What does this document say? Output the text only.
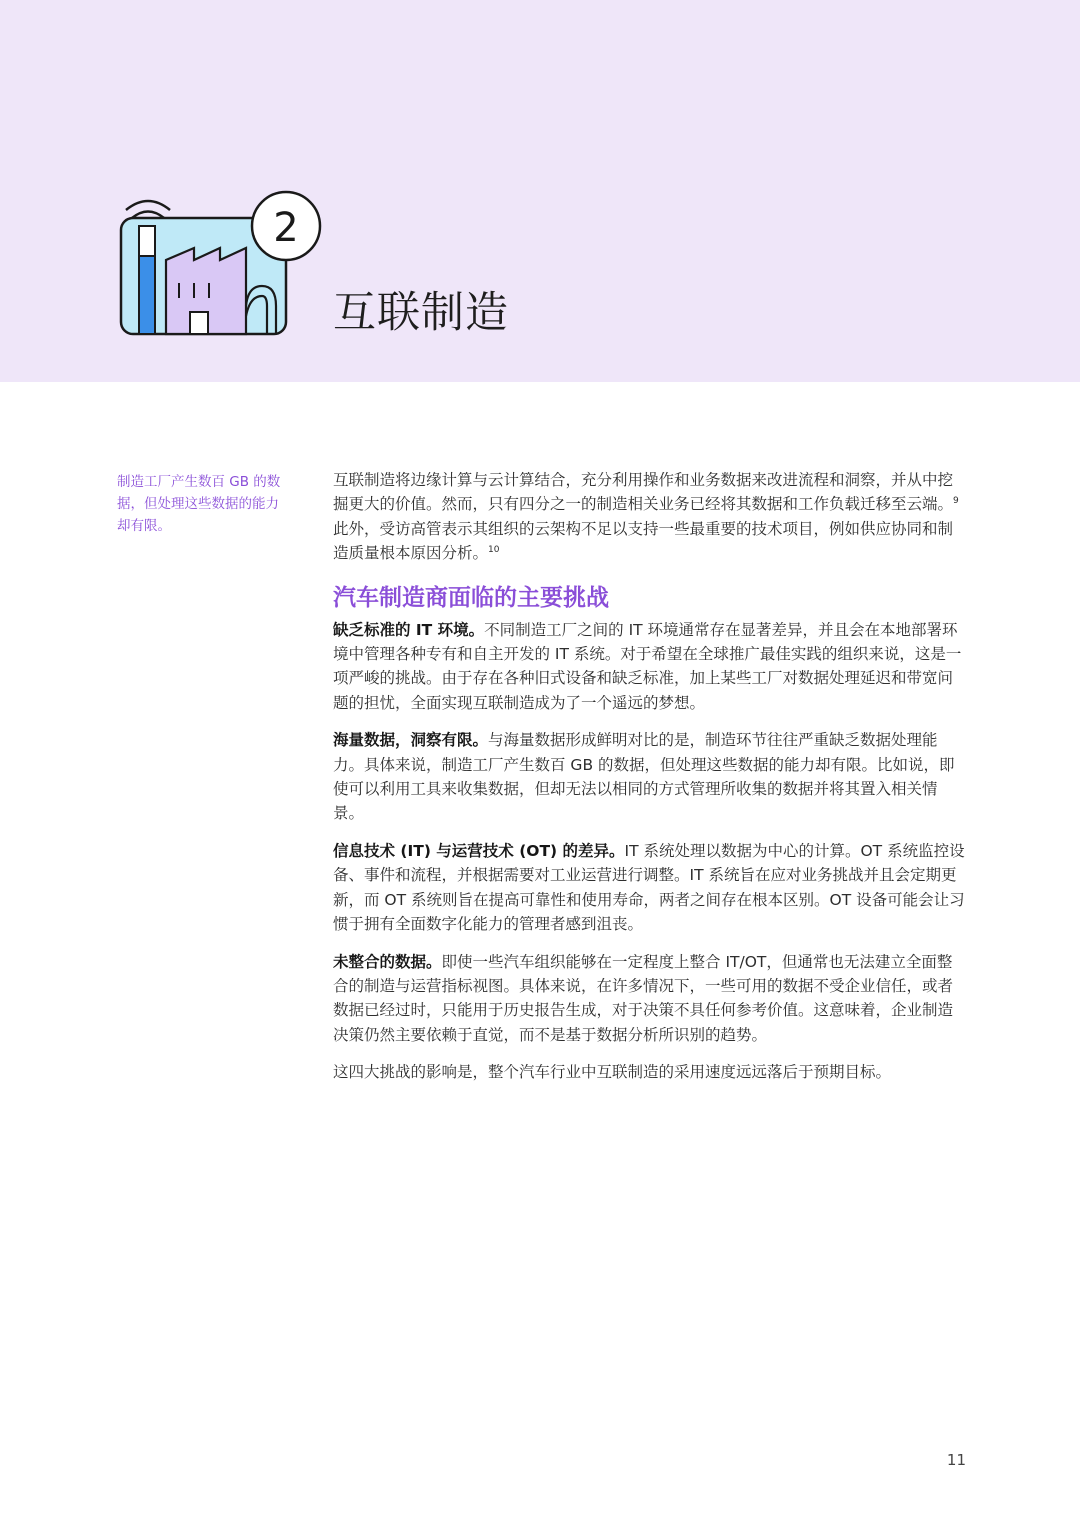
2
互联制造
制造工厂产生数百 GB 的数据，但处理这些数据的能力却有限。

互联制造将边缘计算与云计算结合，充分利用操作和业务数据来改进流程和洞察，并从中挖掘更大的价值。然而，只有四分之一的制造相关业务已经将其数据和工作负载迁移至云端。$^9$ 此外，受访高管表示其组织的云架构不足以支持一些最重要的技术项目，例如供应协同和制造质量根本原因分析。$^{10}$

汽车制造商面临的主要挑战

缺乏标准的 IT 环境。不同制造工厂之间的 IT 环境通常存在显著差异，并且会在本地部署环境中管理各种专有和自主开发的 IT 系统。对于希望在全球推广最佳实践的组织来说，这是一项严峻的挑战。由于存在各种旧式设备和缺乏标准，加上某些工厂对数据处理延迟和带宽问题的担忧，全面实现互联制造成为了一个遥远的梦想。

海量数据，洞察有限。与海量数据形成鲜明对比的是，制造环节往往严重缺乏数据处理能力。具体来说，制造工厂产生数百 GB 的数据，但处理这些数据的能力却有限。比如说，即使可以利用工具来收集数据，但却无法以相同的方式管理所收集的数据并将其置入相关情景。

信息技术 (IT) 与运营技术 (OT) 的差异。IT 系统处理以数据为中心的计算。OT 系统监控设备、事件和流程，并根据需要对工业运营进行调整。IT 系统旨在应对业务挑战并且会定期更新，而 OT 系统则旨在提高可靠性和使用寿命，两者之间存在根本区别。OT 设备可能会让习惯于拥有全面数字化能力的管理者感到沮丧。

未整合的数据。即使一些汽车组织能够在一定程度上整合 IT/OT，但通常也无法建立全面整合的制造与运营指标视图。具体来说，在许多情况下，一些可用的数据不受企业信任，或者数据已经过时，只能用于历史报告生成，对于决策不具任何参考价值。这意味着，企业制造决策仍然主要依赖于直觉，而不是基于数据分析所识别的趋势。

这四大挑战的影响是，整个汽车行业中互联制造的采用速度远远落后于预期目标。

11
